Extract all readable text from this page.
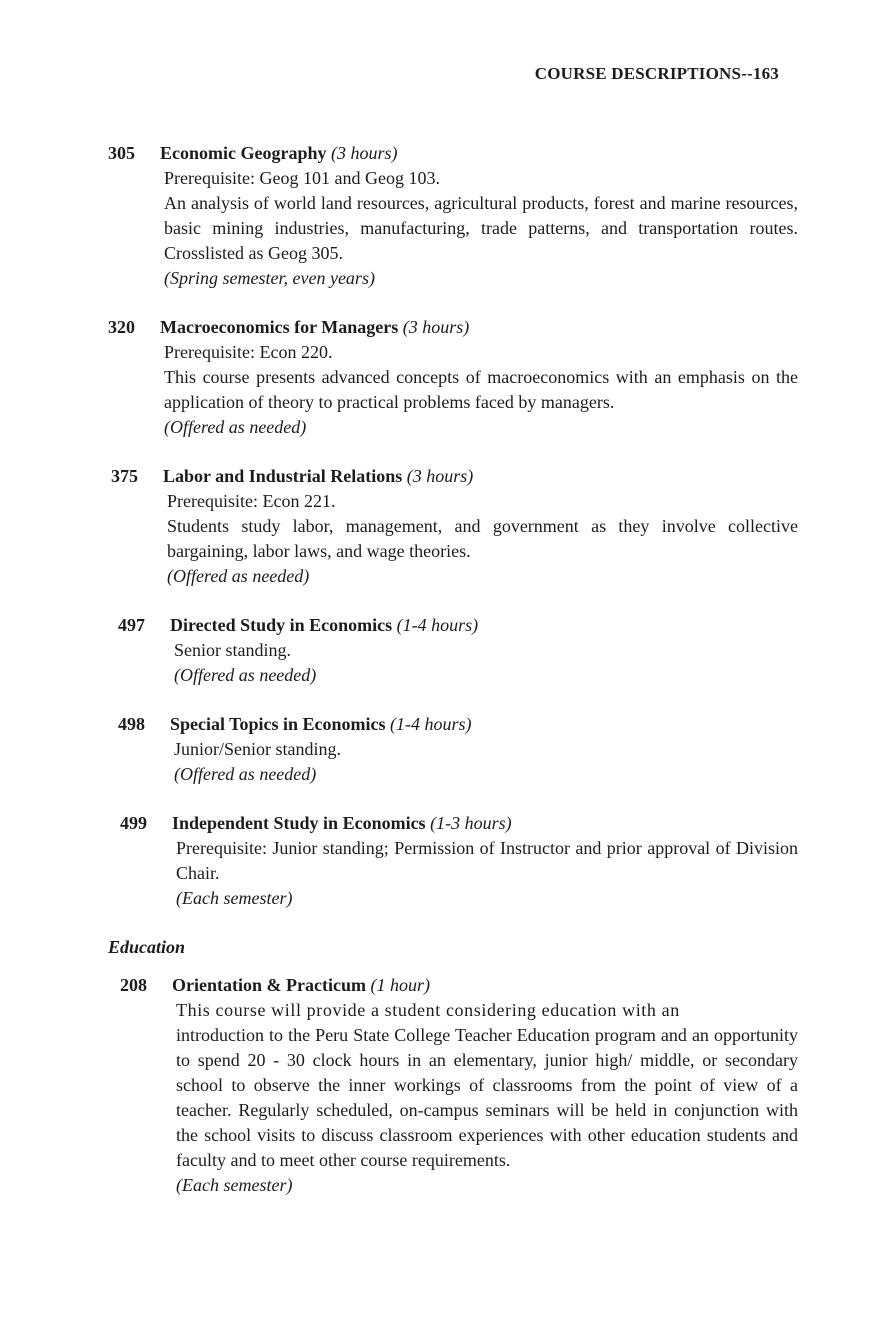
COURSE DESCRIPTIONS--163
305 Economic Geography (3 hours)

Prerequisite: Geog 101 and Geog 103.

An analysis of world land resources, agricultural products, forest and marine resources, basic mining industries, manufacturing, trade patterns, and transportation routes. Crosslisted as Geog 305.

(Spring semester, even years)

320 Macroeconomics for Managers (3 hours)

Prerequisite: Econ 220.

This course presents advanced concepts of macroeconomics with an emphasis on the application of theory to practical problems faced by managers.

(Offered as needed)

375 Labor and Industrial Relations (3 hours)

Prerequisite: Econ 221.

Students study labor, management, and government as they involve collective bargaining, labor laws, and wage theories.

(Offered as needed)

497 Directed Study in Economics (1-4 hours)

Senior standing.

(Offered as needed)

498 Special Topics in Economics (1-4 hours)

Junior/Senior standing.

(Offered as needed)

499 Independent Study in Economics (1-3 hours)

Prerequisite: Junior standing; Permission of Instructor and prior approval of Division Chair.

(Each semester)

Education
208 Orientation & Practicum (1 hour)

This course will provide a student considering education with an

introduction to the Peru State College Teacher Education program and an opportunity to spend 20 - 30 clock hours in an elementary, junior high/ middle, or secondary school to observe the inner workings of classrooms from the point of view of a teacher. Regularly scheduled, on-campus seminars will be held in conjunction with the school visits to discuss classroom experiences with other education students and faculty and to meet other course requirements.

(Each semester)
